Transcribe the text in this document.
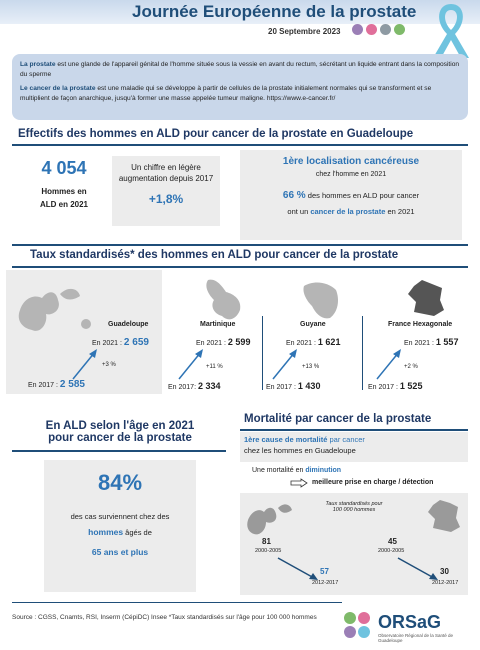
Journée Européenne de la prostate
20 Septembre 2023

La prostate est une glande de l'appareil génital de l'homme située sous la vessie en avant du rectum, sécrétant un liquide entrant dans la composition du sperme

Le cancer de la prostate est une maladie qui se développe à partir de cellules de la prostate initialement normales qui se transforment et se multiplient de façon anarchique, jusqu'à former une masse appelée tumeur maligne. https://www.e-cancer.fr/

Effectifs des hommes en ALD pour cancer de la prostate en Guadeloupe
4 054
Hommes en
ALD en 2021
Un chiffre en légère augmentation depuis 2017
+1,8%
1ère localisation cancéreuse
chez l'homme en 2021
66 % des hommes en ALD pour cancer
ont un cancer de la prostate en 2021
Taux standardisés* des hommes en ALD pour cancer de la prostate
Guadeloupe
En 2021 : 2 659
+3 %
En 2017 : 2 585
Martinique
En 2021 : 2 599
+11 %
En 2017: 2 334
Guyane
En 2021 : 1 621
+13 %
En 2017 : 1 430
France Hexagonale
En 2021 : 1 557
+2 %
En 2017 : 1 525
En ALD selon l'âge en 2021
pour cancer de la prostate
84%
des cas surviennent chez des
hommes âgés de
65 ans et plus
Mortalité par cancer de la prostate
1ère cause de mortalité par cancer
chez les hommes en Guadeloupe
Une mortalité en diminution
meilleure prise en charge / détection
Taux standardisés pour
100 000 hommes
81
2000-2005
57
2012-2017
45
2000-2005
30
2012-2017
Source : CGSS, Cnamts, RSI, Inserm (CépiDC) Insee *Taux standardisés sur l'âge pour 100 000 hommes	ORSaG
Observatoire Régional de la Santé de Guadeloupe
